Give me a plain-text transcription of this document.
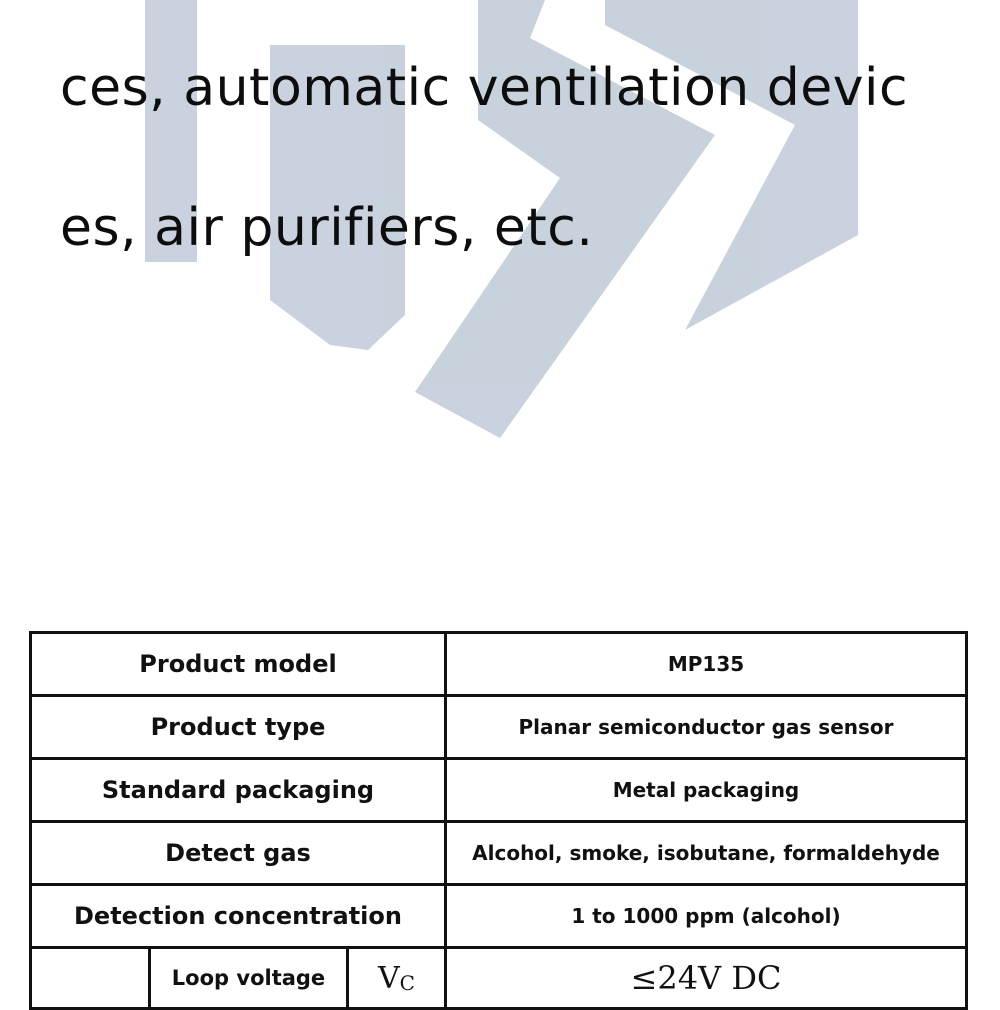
ces, automatic ventilation devic

es, air purifiers, etc.

Product model			MP135
Product type			Planar semiconductor gas sensor
Standard packaging			Metal packaging
Detect gas			Alcohol, smoke, isobutane, formaldehyde
Detection concentration			1 to 1000 ppm (alcohol)
	Loop voltage	$V_C$	≤24V DC
